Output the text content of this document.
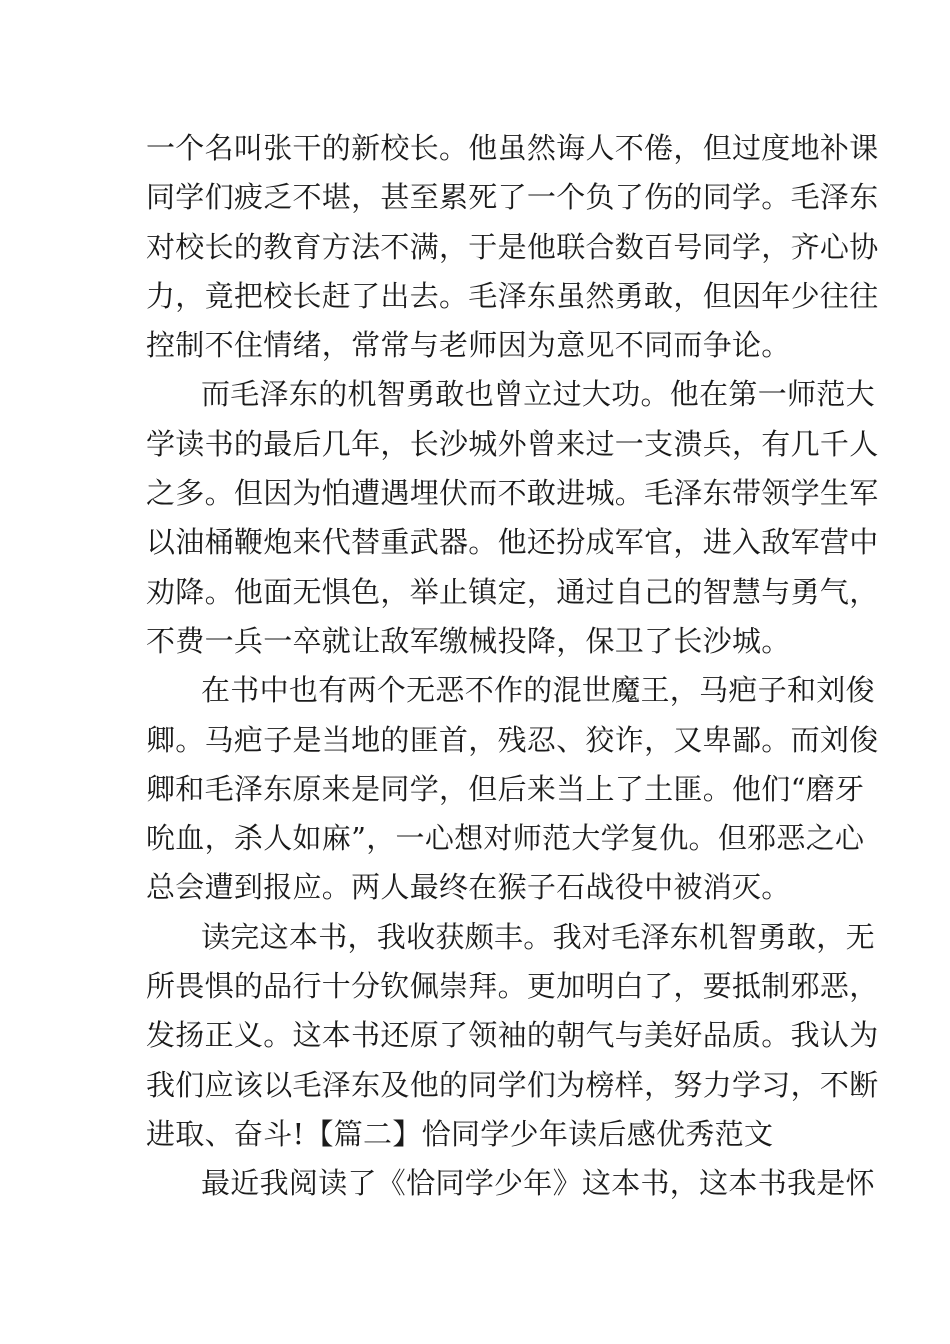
一个名叫张干的新校长。他虽然诲人不倦，但过度地补课
同学们疲乏不堪，甚至累死了一个负了伤的同学。毛泽东
对校长的教育方法不满，于是他联合数百号同学，齐心协
力，竟把校长赶了出去。毛泽东虽然勇敢，但因年少往往
控制不住情绪，常常与老师因为意见不同而争论。
而毛泽东的机智勇敢也曾立过大功。他在第一师范大
学读书的最后几年，长沙城外曾来过一支溃兵，有几千人
之多。但因为怕遭遇埋伏而不敢进城。毛泽东带领学生军
以油桶鞭炮来代替重武器。他还扮成军官，进入敌军营中
劝降。他面无惧色，举止镇定，通过自己的智慧与勇气，
不费一兵一卒就让敌军缴械投降，保卫了长沙城。
在书中也有两个无恶不作的混世魔王，马疤子和刘俊
卿。马疤子是当地的匪首，残忍、狡诈，又卑鄙。而刘俊
卿和毛泽东原来是同学，但后来当上了土匪。他们“磨牙
吮血，杀人如麻”，一心想对师范大学复仇。但邪恶之心
总会遭到报应。两人最终在猴子石战役中被消灭。
读完这本书，我收获颇丰。我对毛泽东机智勇敢，无
所畏惧的品行十分钦佩崇拜。更加明白了，要抵制邪恶，
发扬正义。这本书还原了领袖的朝气与美好品质。我认为
我们应该以毛泽东及他的同学们为榜样，努力学习，不断
进取、奋斗!【篇二】恰同学少年读后感优秀范文
最近我阅读了《恰同学少年》这本书，这本书我是怀
